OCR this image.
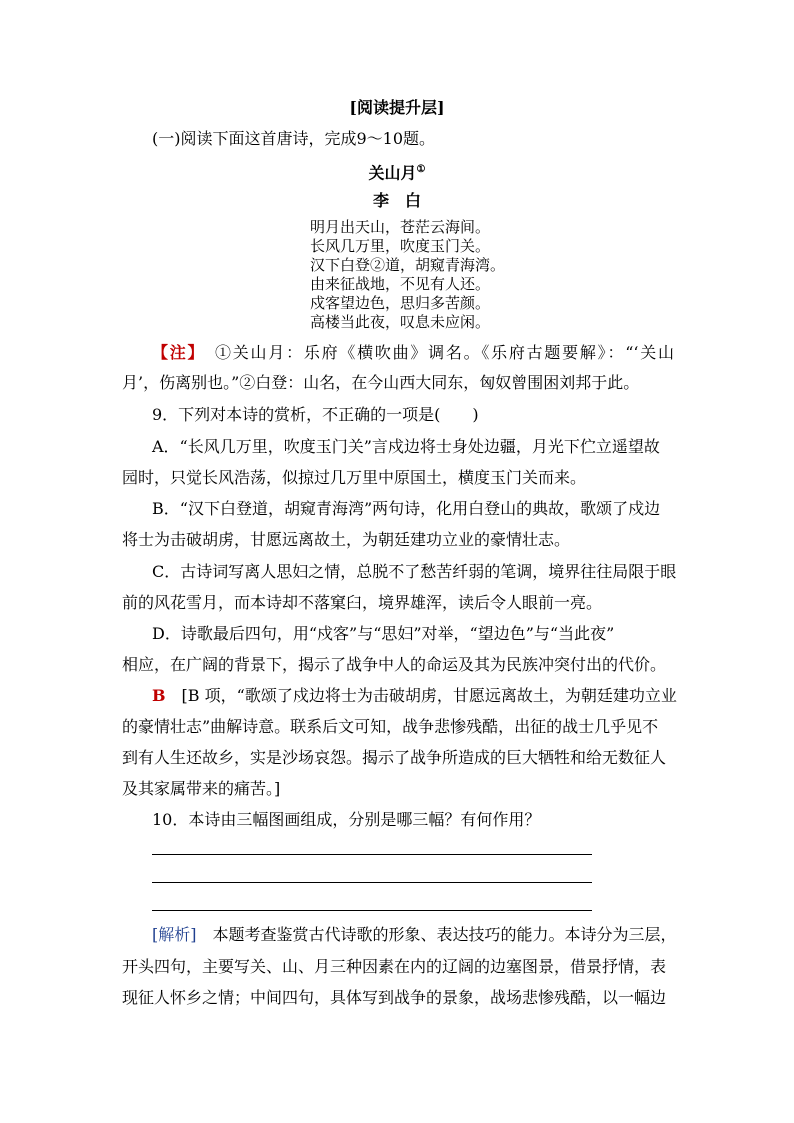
[阅读提升层]
(一)阅读下面这首唐诗，完成9～10题。
关山月①
李　白
明月出天山，苍茫云海间。
长风几万里，吹度玉门关。
汉下白登②道，胡窥青海湾。
由来征战地，不见有人还。
戍客望边色，思归多苦颜。
高楼当此夜，叹息未应闲。
【注】　 ①关山月：乐府《横吹曲》调名。《乐府古题要解》：“‘关山
月’，伤离别也。”②白登：山名，在今山西大同东，匈奴曾围困刘邦于此。
9．下列对本诗的赏析，不正确的一项是(　　)
A．“长风几万里，吹度玉门关”言戍边将士身处边疆，月光下伫立遥望故
园时，只觉长风浩荡，似掠过几万里中原国土，横度玉门关而来。
B．“汉下白登道，胡窥青海湾”两句诗，化用白登山的典故，歌颂了戍边
将士为击破胡虏，甘愿远离故土，为朝廷建功立业的豪情壮志。
C．古诗词写离人思妇之情，总脱不了愁苦纤弱的笔调，境界往往局限于眼
前的风花雪月，而本诗却不落窠臼，境界雄浑，读后令人眼前一亮。
D．诗歌最后四句，用“戍客”与“思妇”对举，“望边色”与“当此夜”
相应，在广阔的背景下，揭示了战争中人的命运及其为民族冲突付出的代价。
B　 [B 项，“歌颂了戍边将士为击破胡虏，甘愿远离故土，为朝廷建功立业
的豪情壮志”曲解诗意。联系后文可知，战争悲惨残酷，出征的战士几乎见不
到有人生还故乡，实是沙场哀怨。揭示了战争所造成的巨大牺牲和给无数征人
及其家属带来的痛苦。]
10．本诗由三幅图画组成，分别是哪三幅？有何作用？
[解析]　本题考查鉴赏古代诗歌的形象、表达技巧的能力。本诗分为三层，
开头四句，主要写关、山、月三种因素在内的辽阔的边塞图景，借景抒情，表
现征人怀乡之情；中间四句，具体写到战争的景象，战场悲惨残酷，以一幅边
